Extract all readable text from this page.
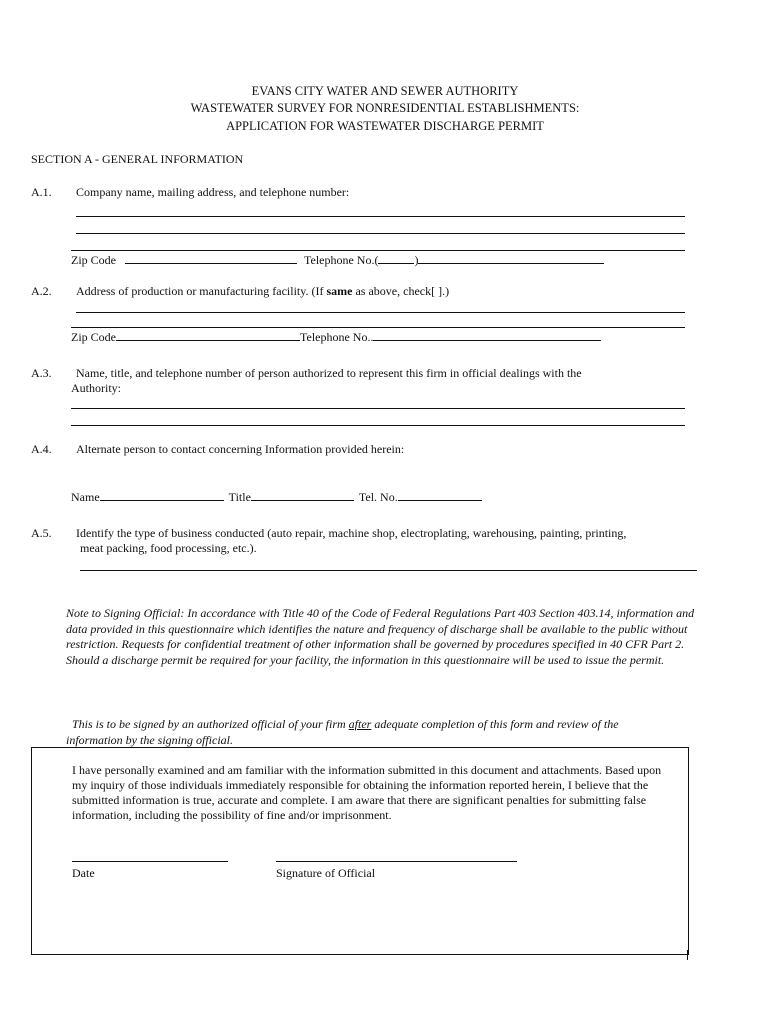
EVANS CITY WATER AND SEWER AUTHORITY
WASTEWATER SURVEY FOR NONRESIDENTIAL ESTABLISHMENTS:
APPLICATION FOR WASTEWATER DISCHARGE PERMIT
SECTION A - GENERAL INFORMATION
A.1. Company name, mailing address, and telephone number:
Zip Code	Telephone No.(	)
A.2. Address of production or manufacturing facility. (If same as above, check[ ].)
Zip Code	Telephone No..
A.3. Name, title, and telephone number of person authorized to represent this firm in official dealings with the
Authority:
A.4. Alternate person to contact concerning Information provided herein:
Name	Title	Tel. No.
A.5. Identify the type of business conducted (auto repair, machine shop, electroplating, warehousing, painting, printing,
meat packing, food processing, etc.).
Note to Signing Official: In accordance with Title 40 of the Code of Federal Regulations Part 403 Section 403.14, information and data provided in this questionnaire which identifies the nature and frequency of discharge shall be available to the public without restriction. Requests for confidential treatment of other information shall be governed by procedures specified in 40 CFR Part 2. Should a discharge permit be required for your facility, the information in this questionnaire will be used to issue the permit.
This is to be signed by an authorized official of your firm after adequate completion of this form and review of the
information by the signing official.
I have personally examined and am familiar with the information submitted in this document and attachments. Based upon my inquiry of those individuals immediately responsible for obtaining the information reported herein, I believe that the submitted information is true, accurate and complete. I am aware that there are significant penalties for submitting false information, including the possibility of fine and/or imprisonment.
Date	Signature of Official
